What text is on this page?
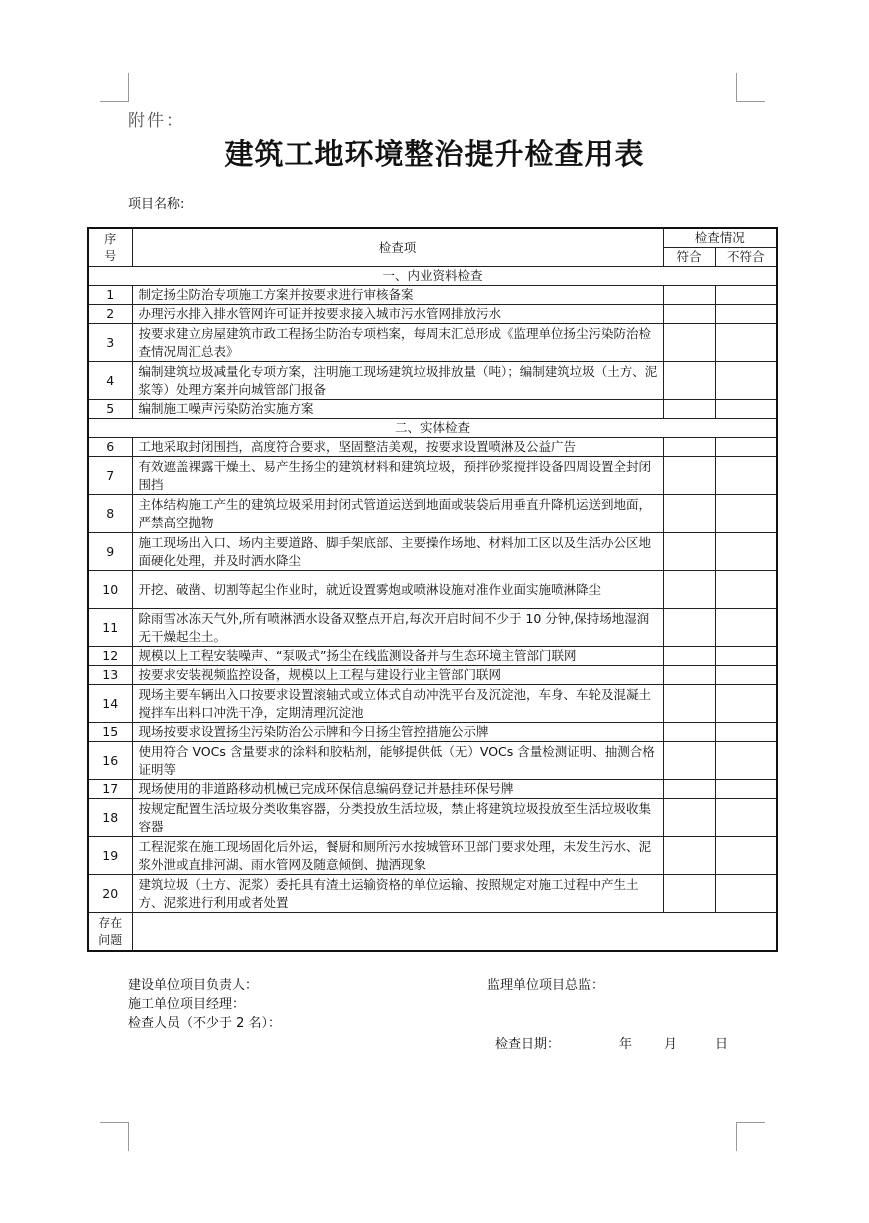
附件：
建筑工地环境整治提升检查用表
项目名称:
序号	检查项	检查情况	
		符合	不符合
一、内业资料检查			
1	制定扬尘防治专项施工方案并按要求进行审核备案		
2	办理污水排入排水管网许可证并按要求接入城市污水管网排放污水		
3	按要求建立房屋建筑市政工程扬尘防治专项档案，每周末汇总形成《监理单位扬尘污染防治检查情况周汇总表》		
4	编制建筑垃圾减量化专项方案，注明施工现场建筑垃圾排放量（吨）；编制建筑垃圾（土方、泥浆等）处理方案并向城管部门报备		
5	编制施工噪声污染防治实施方案		
二、实体检查			
6	工地采取封闭围挡，高度符合要求，坚固整洁美观，按要求设置喷淋及公益广告		
7	有效遮盖裸露干燥土、易产生扬尘的建筑材料和建筑垃圾，预拌砂浆搅拌设备四周设置全封闭围挡		
8	主体结构施工产生的建筑垃圾采用封闭式管道运送到地面或装袋后用垂直升降机运送到地面，严禁高空抛物		
9	施工现场出入口、场内主要道路、脚手架底部、主要操作场地、材料加工区以及生活办公区地面硬化处理，并及时洒水降尘		
10	开挖、破凿、切割等起尘作业时，就近设置雾炮或喷淋设施对准作业面实施喷淋降尘		
11	除雨雪冰冻天气外,所有喷淋洒水设备双整点开启,每次开启时间不少于 10 分钟,保持场地湿润无干燥起尘土。		
12	规模以上工程安装噪声、“泵吸式”扬尘在线监测设备并与生态环境主管部门联网		
13	按要求安装视频监控设备，规模以上工程与建设行业主管部门联网		
14	现场主要车辆出入口按要求设置滚轴式或立体式自动冲洗平台及沉淀池，车身、车轮及混凝土搅拌车出料口冲洗干净，定期清理沉淀池		
15	现场按要求设置扬尘污染防治公示牌和今日扬尘管控措施公示牌		
16	使用符合 VOCs 含量要求的涂料和胶粘剂，能够提供低（无）VOCs 含量检测证明、抽测合格证明等		
17	现场使用的非道路移动机械已完成环保信息编码登记并悬挂环保号牌		
18	按规定配置生活垃圾分类收集容器，分类投放生活垃圾，禁止将建筑垃圾投放至生活垃圾收集容器		
19	工程泥浆在施工现场固化后外运，餐厨和厕所污水按城管环卫部门要求处理，未发生污水、泥浆外泄或直排河湖、雨水管网及随意倾倒、抛洒现象		
20	建筑垃圾（土方、泥浆）委托具有渣土运输资格的单位运输、按照规定对施工过程中产生土方、泥浆进行利用或者处置		
存在问题			
建设单位项目负责人：	监理单位项目总监：
施工单位项目经理：
检查人员（不少于 2 名）：
检查日期：	年 月	日
